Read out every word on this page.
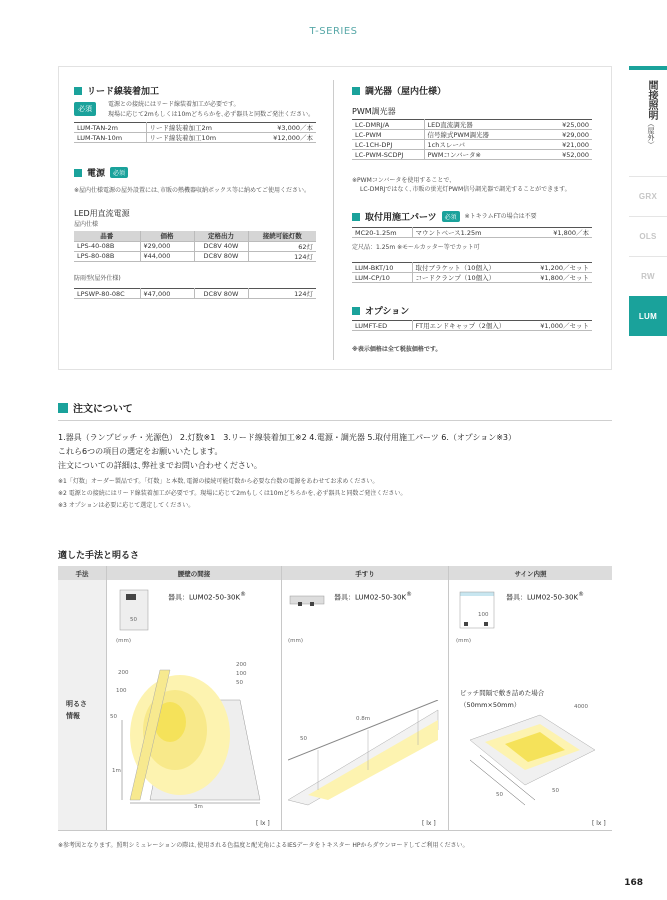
T-SERIES
間接照明（屋外）
GRX
OLS
RW
LUM
リード線装着加工
必須
電源との接続にはリード線装着加工が必要です。
現場に応じて2mもしくは10mどちらかを､必ず器具と同数ご発注ください。
LUM-TAN-2m	リード線装着加工2m	¥3,000／本
LUM-TAN-10m	リード線装着加工10m	¥12,000／本
電源	必須
※屋内仕様電源の屋外設置には､市販の熱機器収納ボックス等に納めてご使用ください。
LED用直流電源
屋内仕様
品番	価格	定格出力	接続可能灯数
LPS-40-08B	¥29,000	DC8V 40W	62灯
LPS-80-08B	¥44,000	DC8V 80W	124灯
防雨型(屋外仕様)
LPSWP-80-08C	¥47,000	DC8V 80W	124灯
調光器（屋内仕様）
PWM調光器
LC-DMRJ/A	LED直流調光器	¥25,000
LC-PWM	信号線式PWM調光器	¥29,000
LC-1CH-DPJ	1chスレーバ	¥21,000
LC-PWM-SCDPJ	PWMコンバータ※	¥52,000
※PWMコンバータを使用することで、
LC-DMRJではなく､市販の蛍光灯PWM信号調光器で調光することができます。
取付用施工パーツ	必須	※トキラムFTの場合は不要
MC20-1.25m	マウントベース1.25m	¥1,800／本
定尺品：1.25m ※モールカッター等でカット可
LUM-BKT/10	取付ブラケット（10個入）	¥1,200／セット
LUM-CP/10	コードクランプ（10個入）	¥1,800／セット
オプション
LUMFT-ED	FT用エンドキャップ（2個入）	¥1,000／セット
※表示価格は全て税抜価格です。
注文について
1.器具（ランプピッチ・光源色） 2.灯数※1　3.リード線装着加工※2 4.電源・調光器 5.取付用施工パーツ 6.（オプション※3）
これら6つの項目の選定をお願いいたします。
注文についての詳細は､弊社までお問い合わせください。
※1「灯数」オーダー製品です。「灯数」と本数､電源の接続可能灯数から必要な台数の電源をあわせてお求めください。
※2 電源との接続にはリード線装着加工が必要です。現場に応じて2mもしくは10mどちらかを､必ず器具と同数ご発注ください。
※3 オプションは必要に応じて選定してください。
適した手法と明るさ
手法	腰壁の間接	手すり	サイン内照
明るさ
情報
50
(mm)
器具：LUM02-50-30K®
200
100
50
200
100
50
1m
3m
[ lx ]
(mm)
器具：LUM02-50-30K®
0.8m
50
[ lx ]
100
(mm)
器具：LUM02-50-30K®
ピッチ間隔で敷き詰めた場合
（50mm×50mm）	4000
50
50
[ lx ]
※参考図となります。照明シミュレーションの際は､使用される色温度と配光角によるIESデータをトキスター HPからダウンロードしてご利用ください。
168
